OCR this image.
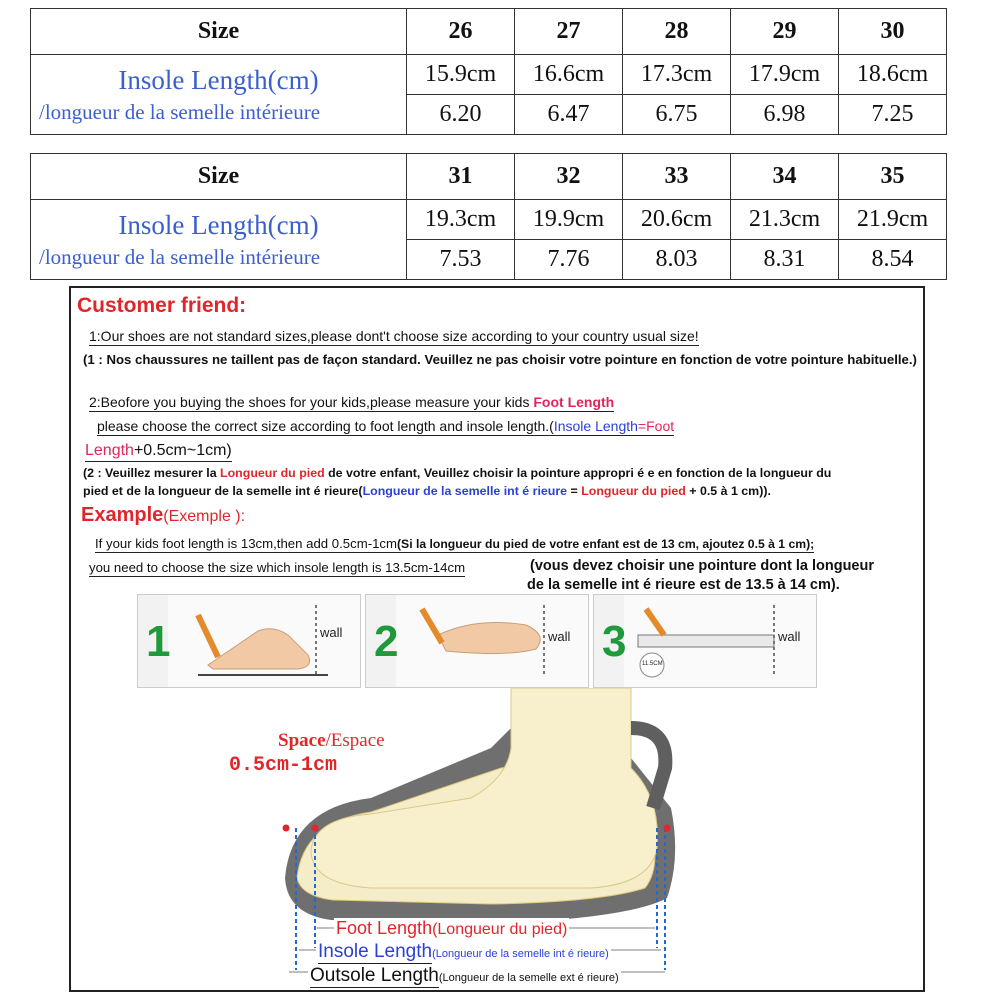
Size	26	27	28	29	30

Insole Length(cm)
/longueur de la semelle intérieure	15.9cm	16.6cm	17.3cm	17.9cm	18.6cm
	6.20	6.47	6.75	6.98	7.25
Size	31	32	33	34	35

Insole Length(cm)
/longueur de la semelle intérieure	19.3cm	19.9cm	20.6cm	21.3cm	21.9cm
	7.53	7.76	8.03	8.31	8.54
Customer friend:
1:Our shoes are not standard sizes,please dont't choose size according to your country usual size!
(1 : Nos chaussures ne taillent pas de façon standard. Veuillez ne pas choisir votre pointure en fonction de votre pointure habituelle.)
2:Beofore you buying the shoes for your kids,please measure your kids Foot Length
please choose the correct size according to foot length and insole length.(Insole Length=Foot
Length+0.5cm~1cm)
(2 : Veuillez mesurer la Longueur du pied de votre enfant, Veuillez choisir la pointure appropri é e en fonction de la longueur du
pied et de la longueur de la semelle int é rieure(Longueur de la semelle int é rieure = Longueur du pied + 0.5 à 1 cm)).
Example(Exemple ):
If your kids foot length is 13cm,then add 0.5cm-1cm(Si la longueur du pied de votre enfant est de 13 cm, ajoutez 0.5 à 1 cm);
you need to choose the size which insole length is 13.5cm-14cm	(vous devez choisir une pointure dont la longueur
de la semelle int é rieure est de 13.5 à 14 cm).
1	wall 2	wall 3	wall
11.5CM
Space/Espace
0.5cm-1cm
Foot Length(Longueur du pied)
Insole Length(Longueur de la semelle int é rieure)
Outsole Length(Longueur de la semelle ext é rieure)
